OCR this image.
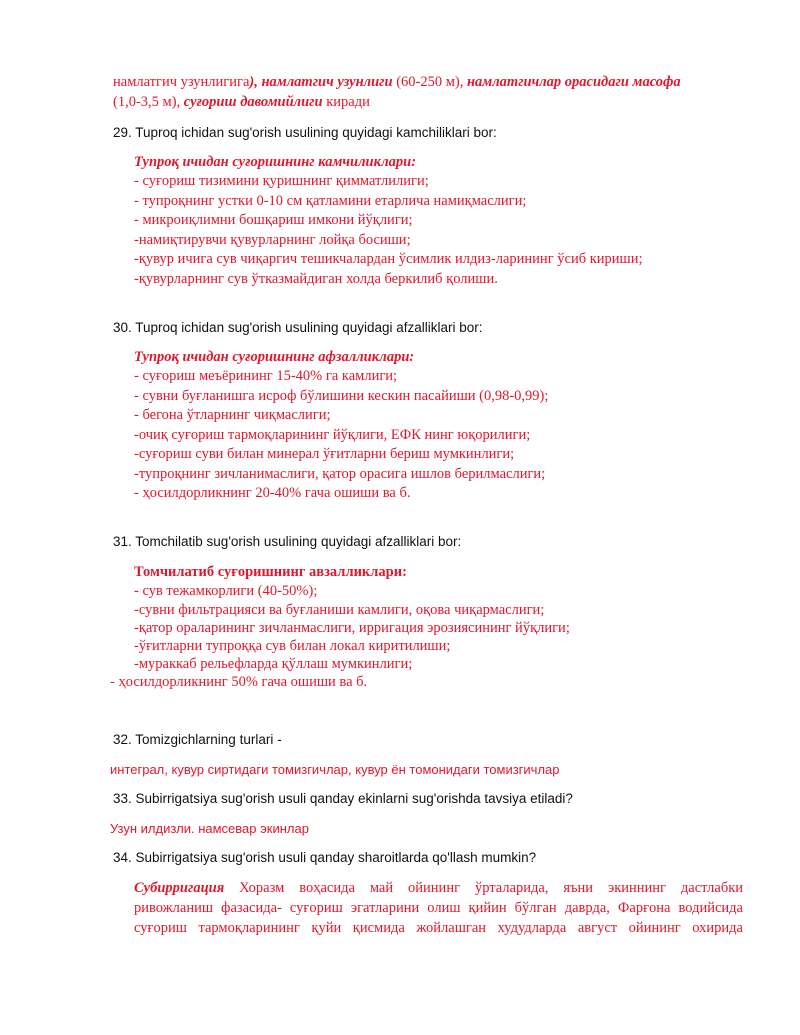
намлатгич узунлигига), намлатгич узунлиги (60-250 м), намлатгичлар орасидаги масофа
(1,0-3,5 м), суғориш давомийлиги киради
29. Tuproq ichidan sug'orish usulining quyidagi kamchiliklari bor:
Тупроқ ичидан суғоришнинг камчиликлари:
- суғориш тизимини қуришнинг қимматлилиги;
- тупроқнинг устки 0-10 см қатламини етарлича намиқмаслиги;
- микроиқлимни бошқариш имкони йўқлиги;
-намиқтирувчи қувурларнинг лойқа босиши;
-қувур ичига сув чиқаргич тешикчалардан ўсимлик илдиз-ларининг ўсиб кириши;
-қувурларнинг сув ўтказмайдиган холда беркилиб қолиши.
30. Tuproq ichidan sug'orish usulining quyidagi afzalliklari bor:
Тупроқ ичидан суғоришнинг афзалликлари:
- суғориш меъёрининг 15-40% га камлиги;
- сувни буғланишга исроф бўлишини кескин пасайиши (0,98-0,99);
- бегона ўтларнинг чиқмаслиги;
-очиқ суғориш тармоқларининг йўқлиги, ЕФК нинг юқорилиги;
-суғориш суви билан минерал ўғитларни бериш мумкинлиги;
-тупроқнинг зичланимаслиги, қатор орасига ишлов берилмаслиги;
- ҳосилдорликнинг 20-40% гача ошиши ва б.
31. Tomchilatib sug'orish usulining quyidagi afzalliklari bor:
Томчилатиб суғоришнинг авзалликлари:
- сув тежамкорлиги (40-50%);
-сувни фильтрацияси ва буғланиши камлиги, оқова чиқармаслиги;
-қатор ораларининг зичланмаслиги, ирригация эрозиясининг йўқлиги;
-ўғитларни тупроққа сув билан локал киритилиши;
-мураккаб рельефларда қўллаш мумкинлиги;
- ҳосилдорликнинг 50% гача ошиши ва б.
32. Tomizgichlarning turlari -
интеграл, кувур сиртидаги томизгичлар, кувур ён томонидаги томизгичлар
33. Subirrigatsiya sug'orish usuli qanday ekinlarni sug'orishda tavsiya etiladi?
Узун илдизли. намсевар экинлар
34. Subirrigatsiya sug'orish usuli qanday sharoitlarda qo'llash mumkin?
Субирригация Хоразм воҳасида май ойининг ўрталарида, яъни экиннинг дастлабки
ривожланиш фазасида- суғориш эгатларини олиш қийин бўлган даврда, Фарғона водийсида
суғориш тармоқларининг қуйи қисмида жойлашган худудларда август ойининг охирида
